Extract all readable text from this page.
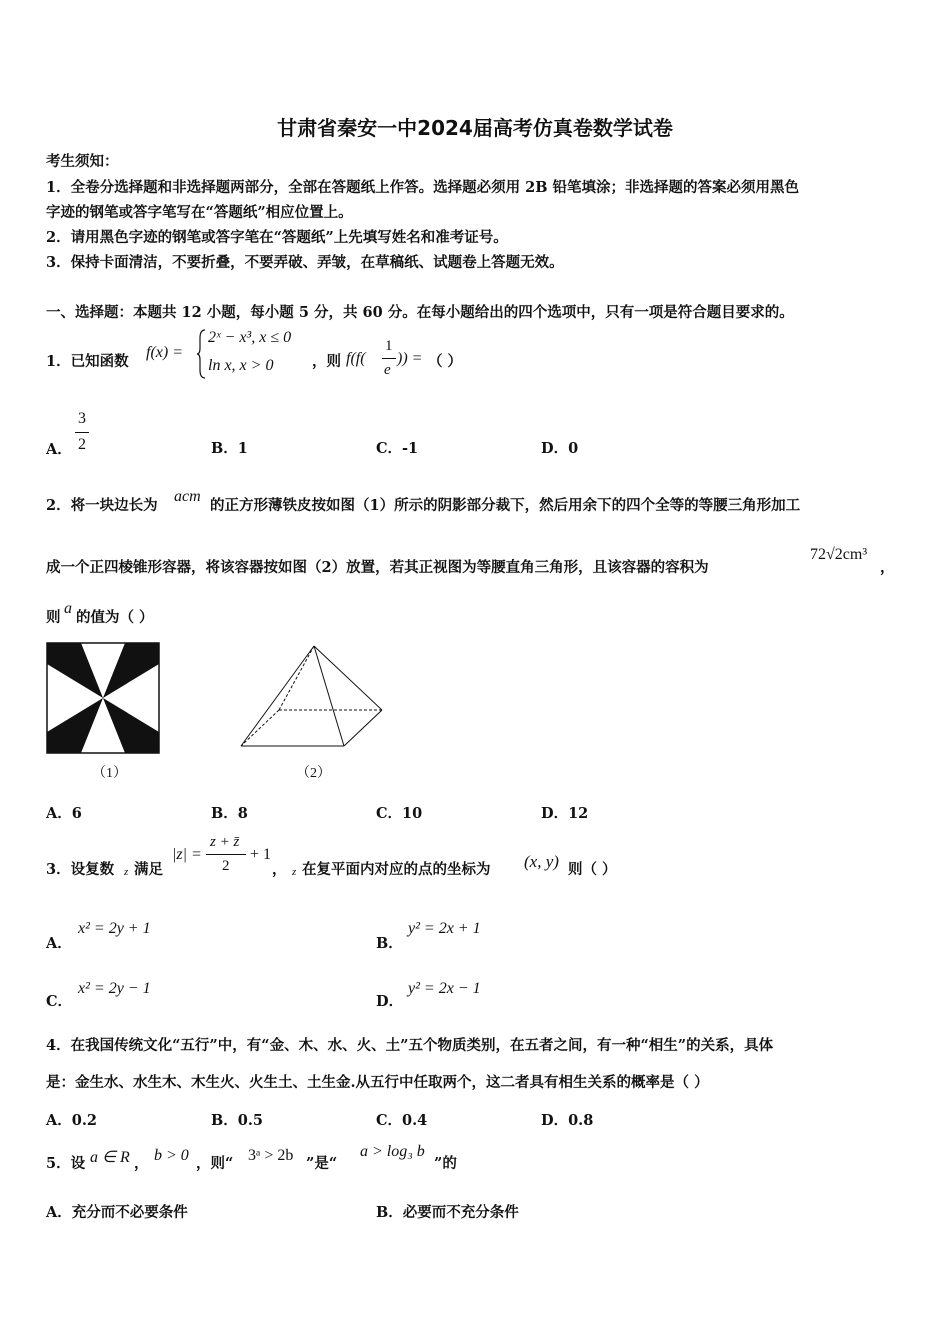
甘肃省秦安一中2024届高考仿真卷数学试卷
考生须知：
1．全卷分选择题和非选择题两部分，全部在答题纸上作答。选择题必须用 2B 铅笔填涂；非选择题的答案必须用黑色
字迹的钢笔或答字笔写在“答题纸”相应位置上。
2．请用黑色字迹的钢笔或答字笔在“答题纸”上先填写姓名和准考证号。
3．保持卡面清洁，不要折叠，不要弄破、弄皱，在草稿纸、试题卷上答题无效。
一、选择题：本题共 12 小题，每小题 5 分，共 60 分。在每小题给出的四个选项中，只有一项是符合题目要求的。
1．已知函数
f(x) =
2ˣ − x³, x ≤ 0
ln x, x > 0	，则 f(f(
1
e
)) = （ ）
A．
3
2	B．1	C．-1	D．0
2．将一块边长为
acm
的正方形薄铁皮按如图（1）所示的阴影部分裁下，然后用余下的四个全等的等腰三角形加工
成一个正四棱锥形容器，将该容器按如图（2）放置，若其正视图为等腰直角三角形，且该容器的容积为
72√2cm³
，
则
a
的值为（ ）
（1）	（2）
A．6	B．8	C．10	D．12
3．设复数 z 满足
|z| =
z + z̄
2
+ 1
， z 在复平面内对应的点的坐标为 (x, y) 则（ ）
A．
x² = 2y + 1
B．
y² = 2x + 1
C．
x² = 2y − 1
D．
y² = 2x − 1
4．在我国传统文化“五行”中，有“金、木、水、火、土”五个物质类别，在五者之间，有一种“相生”的关系，具体
是：金生水、水生木、木生火、火生土、土生金.从五行中任取两个，这二者具有相生关系的概率是（ ）
A．0.2	B．0.5	C．0.4	D．0.8
5．设 a ∈ R ， b > 0 ，则“ 3ᵃ > 2b ”是“
a > log₃ b
”的
A．充分而不必要条件	B．必要而不充分条件
